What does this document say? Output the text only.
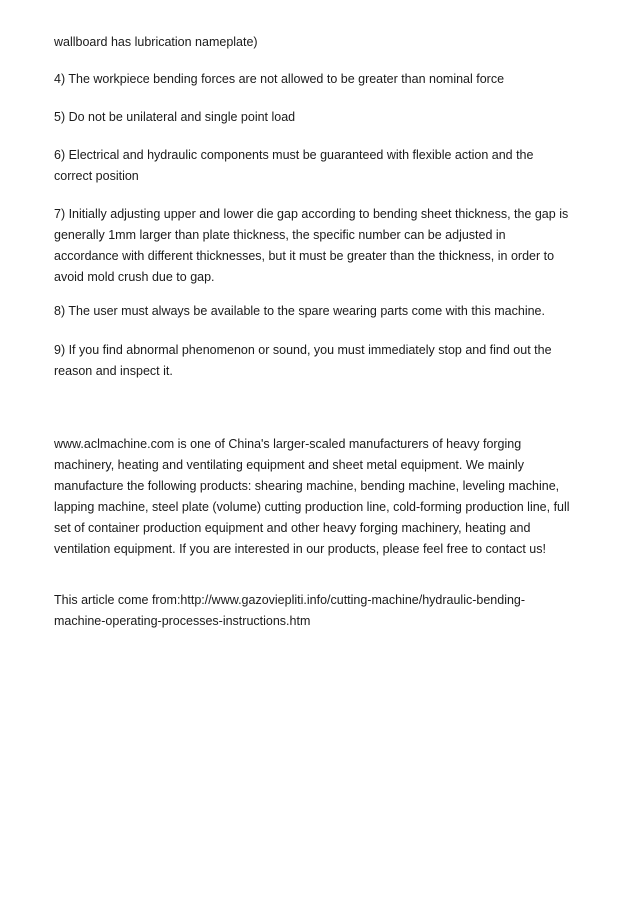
wallboard has lubrication nameplate)

4) The workpiece bending forces are not allowed to be greater than nominal force

5) Do not be unilateral and single point load

6) Electrical and hydraulic components must be guaranteed with flexible action and the
correct position

7) Initially adjusting upper and lower die gap according to bending sheet thickness, the gap is
generally 1mm larger than plate thickness, the specific number can be adjusted in
accordance with different thicknesses, but it must be greater than the thickness, in order to
avoid mold crush due to gap.

8) The user must always be available to the spare wearing parts come with this machine.

9) If you find abnormal phenomenon or sound, you must immediately stop and find out the
reason and inspect it.

www.aclmachine.com is one of China's larger-scaled manufacturers of heavy forging
machinery, heating and ventilating equipment and sheet metal equipment. We mainly
manufacture the following products: shearing machine, bending machine, leveling machine,
lapping machine, steel plate (volume) cutting production line, cold-forming production line, full
set of container production equipment and other heavy forging machinery, heating and
ventilation equipment. If you are interested in our products, please feel free to contact us!

This article come from:http://www.gazoviepliti.info/cutting-machine/hydraulic-bending-
machine-operating-processes-instructions.htm
